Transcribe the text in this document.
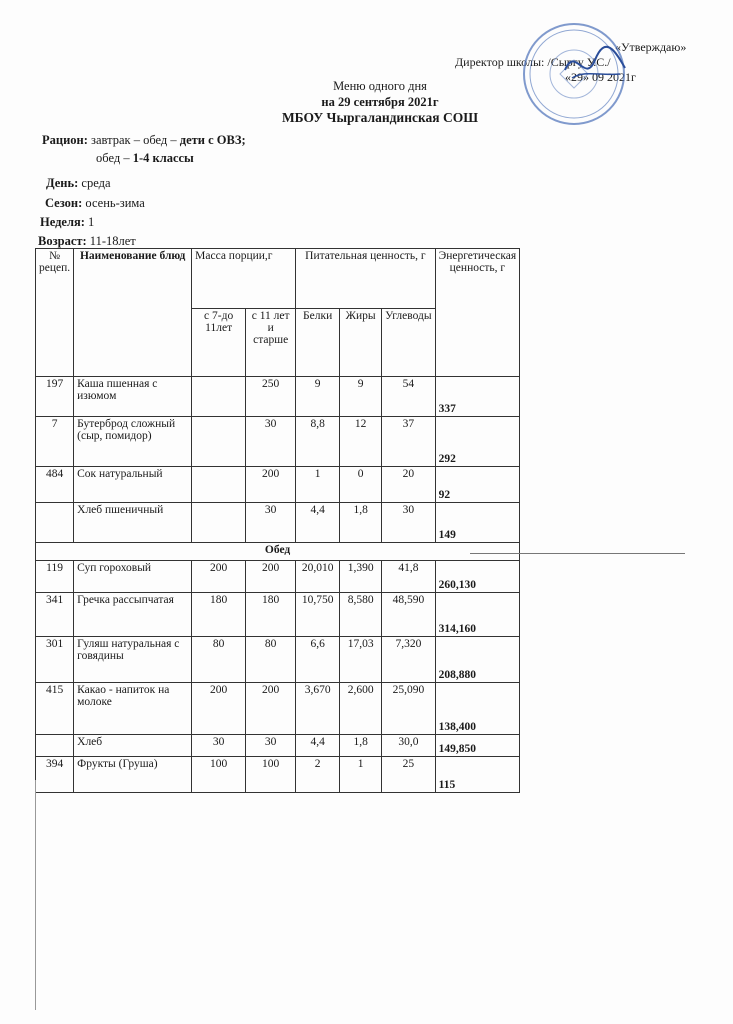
«Утверждаю»
Директор школы: /Сыргу У.С./
«29» 09 2021г
Меню одного дня
на 29 сентября 2021г
МБОУ Чыргаландинская СОШ
Рацион: завтрак – обед – дети с ОВЗ;
обед – 1-4 классы
День: среда
Сезон: осень-зима
Неделя: 1
Возраст: 11-18лет
№ рецеп.	Наименование блюд	Масса порции,г		Питательная ценность, г			Энергетическая ценность, г
		с 7-до 11лет	с 11 лет и старше	Белки	Жиры	Углеводы	
197	Каша пшенная с изюмом		250	9	9	54	337
7	Бутерброд сложный (сыр, помидор)		30	8,8	12	37	292
484	Сок натуральный		200	1	0	20	92
	Хлеб пшеничный		30	4,4	1,8	30	149
Обед							
119	Суп гороховый	200	200	20,010	1,390	41,8	260,130
341	Гречка рассыпчатая	180	180	10,750	8,580	48,590	314,160
301	Гуляш натуральная с говядины	80	80	6,6	17,03	7,320	208,880
415	Какао - напиток на молоке	200	200	3,670	2,600	25,090	138,400
	Хлеб	30	30	4,4	1,8	30,0	149,850
394	Фрукты (Груша)	100	100	2	1	25	115
